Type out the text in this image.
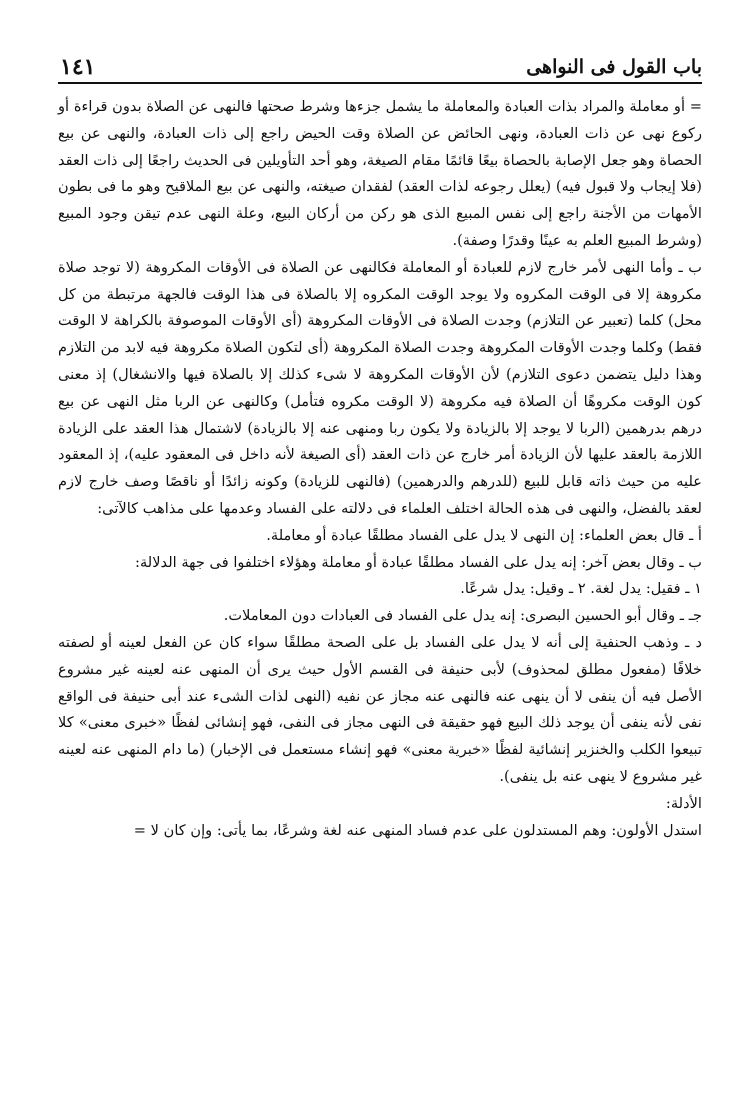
باب القول فى النواهى
١٤١

= أو معاملة والمراد بذات العبادة والمعاملة ما يشمل جزءها وشرط صحتها فالنهى عن الصلاة بدون قراءة أو ركوع نهى عن ذات العبادة، ونهى الحائض عن الصلاة وقت الحيض راجع إلى ذات العبادة، والنهى عن بيع الحصاة وهو جعل الإصابة بالحصاة بيعًا قائمًا مقام الصيغة، وهو أحد التأويلين فى الحديث راجعًا إلى ذات العقد (فلا إيجاب ولا قبول فيه) (يعلل رجوعه لذات العقد) لفقدان صيغته، والنهى عن بيع الملاقيح وهو ما فى بطون الأمهات من الأجنة راجع إلى نفس المبيع الذى هو ركن من أركان البيع، وعلة النهى عدم تيقن وجود المبيع (وشرط المبيع العلم به عينًا وقدرًا وصفة).

ب ـ وأما النهى لأمر خارج لازم للعبادة أو المعاملة فكالنهى عن الصلاة فى الأوقات المكروهة (لا توجد صلاة مكروهة إلا فى الوقت المكروه ولا يوجد الوقت المكروه إلا بالصلاة فى هذا الوقت فالجهة مرتبطة من كل محل) كلما (تعبير عن التلازم) وجدت الصلاة فى الأوقات المكروهة (أى الأوقات الموصوفة بالكراهة لا الوقت فقط) وكلما وجدت الأوقات المكروهة وجدت الصلاة المكروهة (أى لتكون الصلاة مكروهة فيه لابد من التلازم وهذا دليل يتضمن دعوى التلازم) لأن الأوقات المكروهة لا شىء كذلك إلا بالصلاة فيها والانشغال) إذ معنى كون الوقت مكروهًا أن الصلاة فيه مكروهة (لا الوقت مكروه فتأمل) وكالنهى عن الربا مثل النهى عن بيع درهم بدرهمين (الربا لا يوجد إلا بالزيادة ولا يكون ربا ومنهى عنه إلا بالزيادة) لاشتمال هذا العقد على الزيادة اللازمة بالعقد عليها لأن الزيادة أمر خارج عن ذات العقد (أى الصيغة لأنه داخل فى المعقود عليه)، إذ المعقود عليه من حيث ذاته قابل للبيع (للدرهم والدرهمين) (فالنهى للزيادة) وكونه زائدًا أو ناقصًا وصف خارج لازم لعقد بالفضل، والنهى فى هذه الحالة اختلف العلماء فى دلالته على الفساد وعدمها على مذاهب كالآتى:

أ ـ قال بعض العلماء: إن النهى لا يدل على الفساد مطلقًا عبادة أو معاملة.

ب ـ وقال بعض آخر: إنه يدل على الفساد مطلقًا عبادة أو معاملة وهؤلاء اختلفوا فى جهة الدلالة:

١ ـ فقيل: يدل لغة. ٢ ـ وقيل: يدل شرعًا.

جـ ـ وقال أبو الحسين البصرى: إنه يدل على الفساد فى العبادات دون المعاملات.

د ـ وذهب الحنفية إلى أنه لا يدل على الفساد بل على الصحة مطلقًا سواء كان عن الفعل لعينه أو لصفته خلافًا (مفعول مطلق لمحذوف) لأبى حنيفة فى القسم الأول حيث يرى أن المنهى عنه لعينه غير مشروع الأصل فيه أن ينفى لا أن ينهى عنه فالنهى عنه مجاز عن نفيه (النهى لذات الشىء عند أبى حنيفة فى الواقع نفى لأنه ينفى أن يوجد ذلك البيع فهو حقيقة فى النهى مجاز فى النفى، فهو إنشائى لفظًا «خبرى معنى» كلا تبيعوا الكلب والخنزير إنشائية لفظًا «خبرية معنى» فهو إنشاء مستعمل فى الإخبار) (ما دام المنهى عنه لعينه غير مشروع لا ينهى عنه بل ينفى).

الأدلة:

استدل الأولون: وهم المستدلون على عدم فساد المنهى عنه لغة وشرعًا، بما يأتى: وإن كان لا =
